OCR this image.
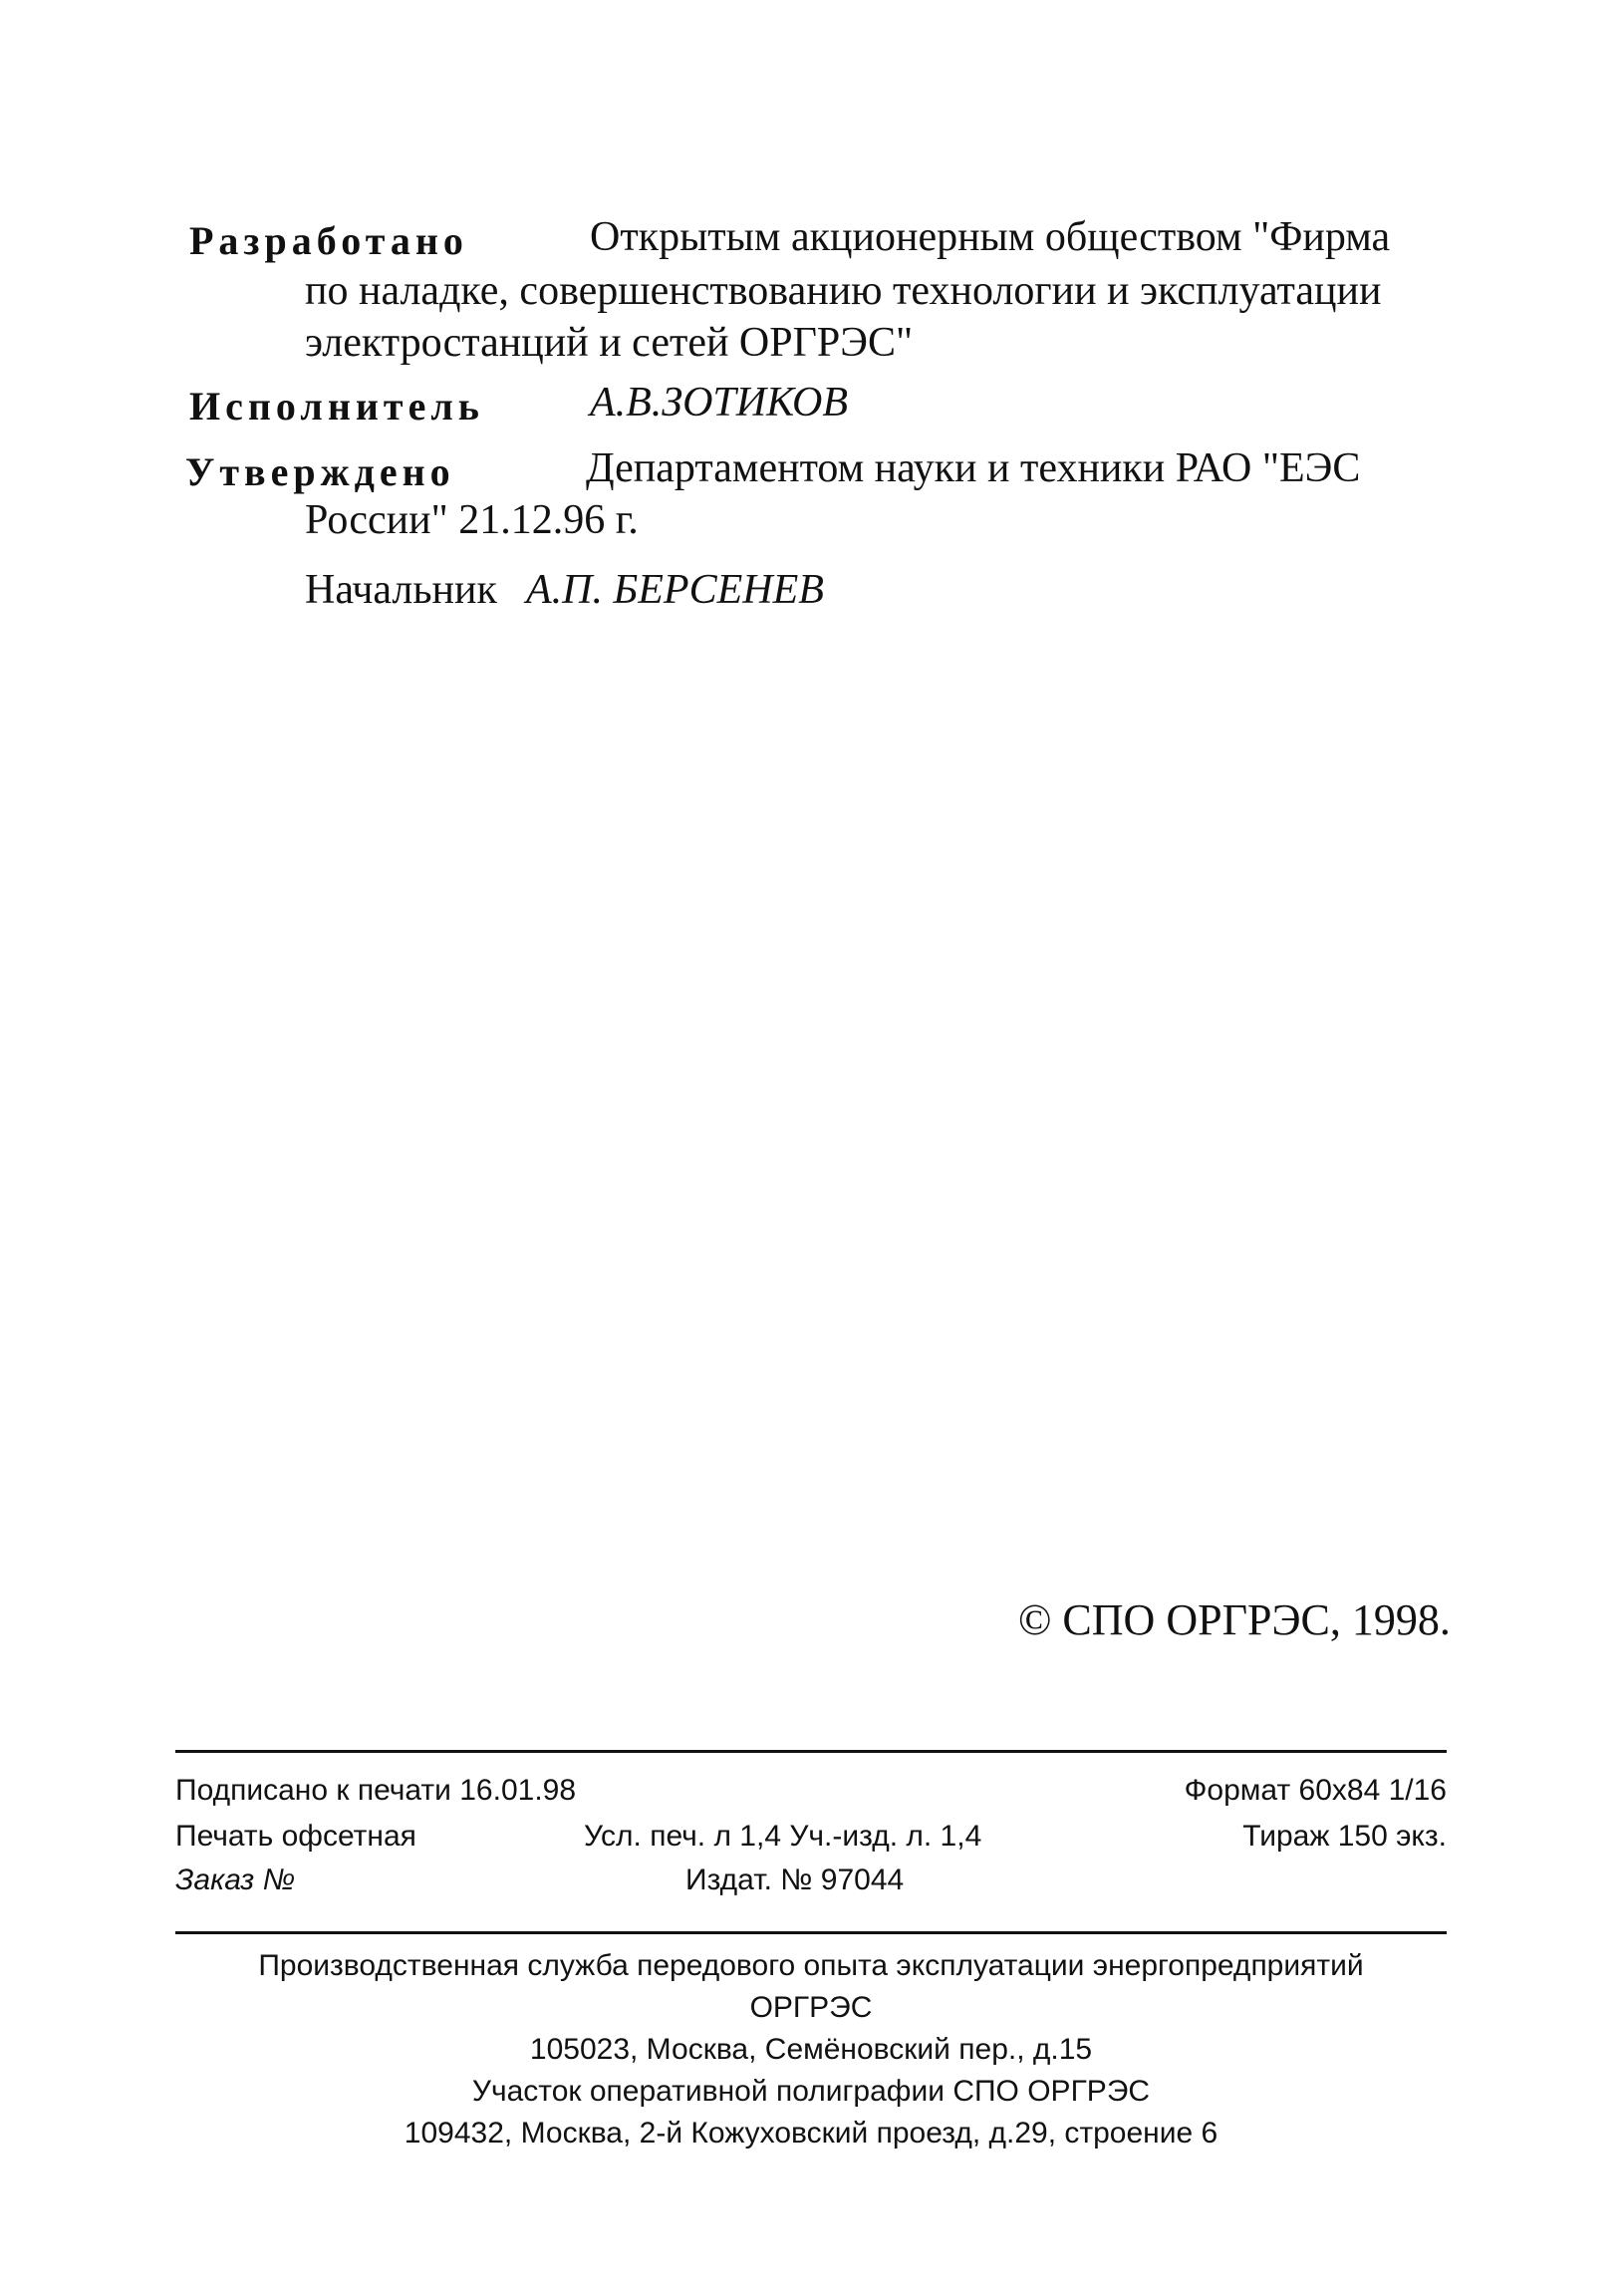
Разработано	Открытым акционерным обществом "Фирма
по наладке, совершенствованию технологии и эксплуатации
электростанций и сетей ОРГРЭС"
Исполнитель	А.В.ЗОТИКОВ
Утверждено	Департаментом науки и техники РАО "ЕЭС
России" 21.12.96 г.
Начальник А.П. БЕРСЕНЕВ
© СПО ОРГРЭС, 1998.
Подписано к печати 16.01.98	Формат 60x84 1/16
Печать офсетная	Усл. печ. л 1,4 Уч.-изд. л. 1,4	Тираж 150 экз.
Заказ №	Издат. № 97044
Производственная служба передового опыта эксплуатации энергопредприятий
ОРГРЭС
105023, Москва, Семёновский пер., д.15
Участок оперативной полиграфии СПО ОРГРЭС
109432, Москва, 2-й Кожуховский проезд, д.29, строение 6
